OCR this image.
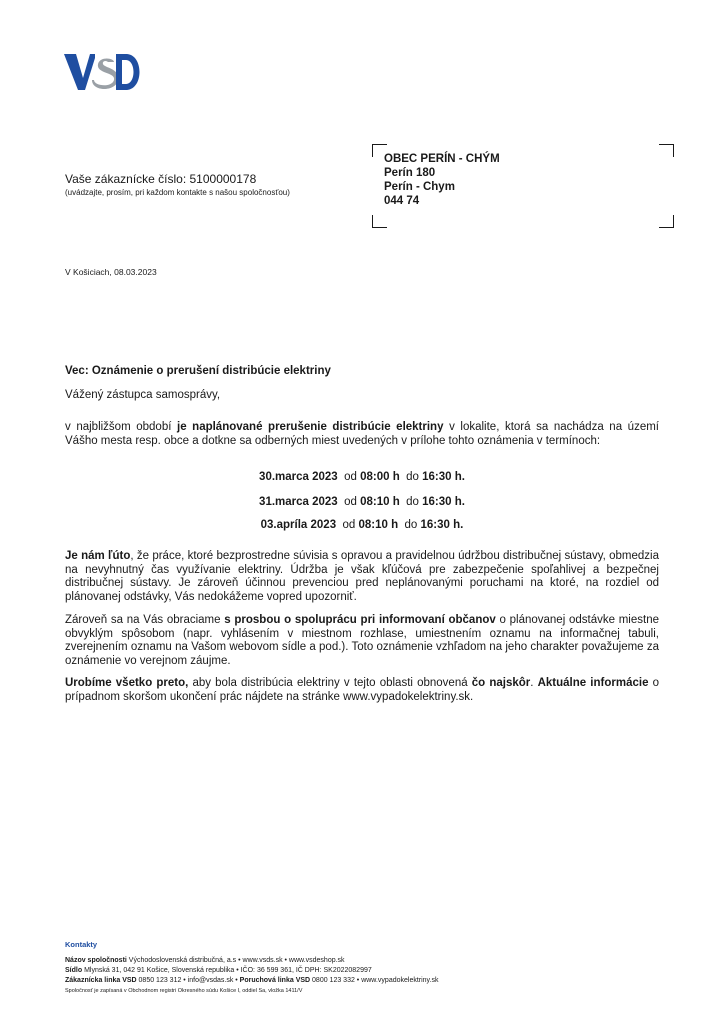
Vaše zákaznícke číslo: 5100000178
(uvádzajte, prosím, pri každom kontakte s našou spoločnosťou)
OBEC PERÍN - CHÝM
Perín 180
Perín - Chym
044 74
V Košiciach, 08.03.2023
Vec: Oznámenie o prerušení distribúcie elektriny
Vážený zástupca samosprávy,
v najbližšom období je naplánované prerušenie distribúcie elektriny v lokalite, ktorá sa nachádza na území Vášho mesta resp. obce a dotkne sa odberných miest uvedených v prílohe tohto oznámenia v termínoch:
30.marca 2023 od 08:00 h do 16:30 h.
31.marca 2023 od 08:10 h do 16:30 h.
03.apríla 2023 od 08:10 h do 16:30 h.
Je nám ľúto, že práce, ktoré bezprostredne súvisia s opravou a pravidelnou údržbou distribučnej sústavy, obmedzia na nevyhnutný čas využívanie elektriny. Údržba je však kľúčová pre zabezpečenie spoľahlivej a bezpečnej distribučnej sústavy. Je zároveň účinnou prevenciou pred neplánovanými poruchami na ktoré, na rozdiel od plánovanej odstávky, Vás nedokážeme vopred upozorniť.
Zároveň sa na Vás obraciame s prosbou o spoluprácu pri informovaní občanov o plánovanej odstávke miestne obvyklým spôsobom (napr. vyhlásením v miestnom rozhlase, umiestnením oznamu na informačnej tabuli, zverejnením oznamu na Vašom webovom sídle a pod.). Toto oznámenie vzhľadom na jeho charakter považujeme za oznámenie vo verejnom záujme.
Urobíme všetko preto, aby bola distribúcia elektriny v tejto oblasti obnovená čo najskôr. Aktuálne informácie o prípadnom skoršom ukončení prác nájdete na stránke www.vypadokelektriny.sk.
Kontakty
Názov spoločnosti Východoslovenská distribučná, a.s • www.vsds.sk • www.vsdeshop.sk
Sídlo Mlynská 31, 042 91 Košice, Slovenská republika • IČO: 36 599 361, IČ DPH: SK2022082997
Zákaznícka linka VSD 0850 123 312 • info@vsdas.sk • Poruchová linka VSD 0800 123 332 • www.vypadokelektriny.sk
Spoločnosť je zapísaná v Obchodnom registri Okresného súdu Košice I, oddiel Sa, vložka 1411/V
